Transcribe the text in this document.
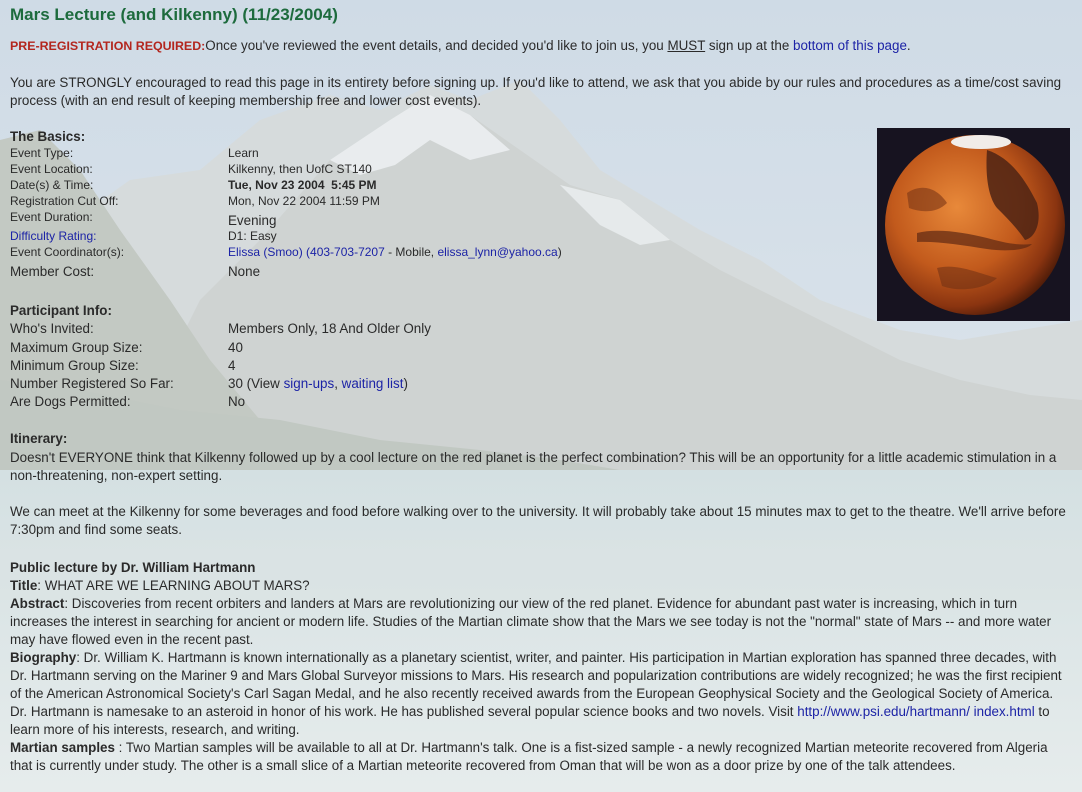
Mars Lecture (and Kilkenny) (11/23/2004)

PRE-REGISTRATION REQUIRED:Once you've reviewed the event details, and decided you'd like to join us, you MUST sign up at the bottom of this page.

You are STRONGLY encouraged to read this page in its entirety before signing up. If you'd like to attend, we ask that you abide by our rules and procedures as a time/cost saving process (with an end result of keeping membership free and lower cost events).

The Basics:
Event Type:	Learn
Event Location:	Kilkenny, then UofC ST140
Date(s) & Time:	Tue, Nov 23 2004  5:45 PM
Registration Cut Off:	Mon, Nov 22 2004 11:59 PM
Event Duration:	Evening
Difficulty Rating:	D1: Easy
Event Coordinator(s):	Elissa (Smoo) (403-703-7207 - Mobile, elissa_lynn@yahoo.ca)
Member Cost:	None
Participant Info:
Who's Invited:	Members Only, 18 And Older Only
Maximum Group Size:	40
Minimum Group Size:	4
Number Registered So Far:	30 (View sign-ups, waiting list)
Are Dogs Permitted:	No
Itinerary:

Doesn't EVERYONE think that Kilkenny followed up by a cool lecture on the red planet is the perfect combination? This will be an opportunity for a little academic stimulation in a non-threatening, non-expert setting.

We can meet at the Kilkenny for some beverages and food before walking over to the university. It will probably take about 15 minutes max to get to the theatre. We'll arrive before 7:30pm and find some seats.

Public lecture by Dr. William Hartmann

Title: WHAT ARE WE LEARNING ABOUT MARS?

Abstract: Discoveries from recent orbiters and landers at Mars are revolutionizing our view of the red planet. Evidence for abundant past water is increasing, which in turn increases the interest in searching for ancient or modern life. Studies of the Martian climate show that the Mars we see today is not the "normal" state of Mars -- and more water may have flowed even in the recent past.

Biography: Dr. William K. Hartmann is known internationally as a planetary scientist, writer, and painter. His participation in Martian exploration has spanned three decades, with Dr. Hartmann serving on the Mariner 9 and Mars Global Surveyor missions to Mars. His research and popularization contributions are widely recognized; he was the first recipient of the American Astronomical Society's Carl Sagan Medal, and he also recently received awards from the European Geophysical Society and the Geological Society of America. Dr. Hartmann is namesake to an asteroid in honor of his work. He has published several popular science books and two novels. Visit http://www.psi.edu/hartmann/ index.html to learn more of his interests, research, and writing.

Martian samples : Two Martian samples will be available to all at Dr. Hartmann's talk. One is a fist-sized sample - a newly recognized Martian meteorite recovered from Algeria that is currently under study. The other is a small slice of a Martian meteorite recovered from Oman that will be won as a door prize by one of the talk attendees.
